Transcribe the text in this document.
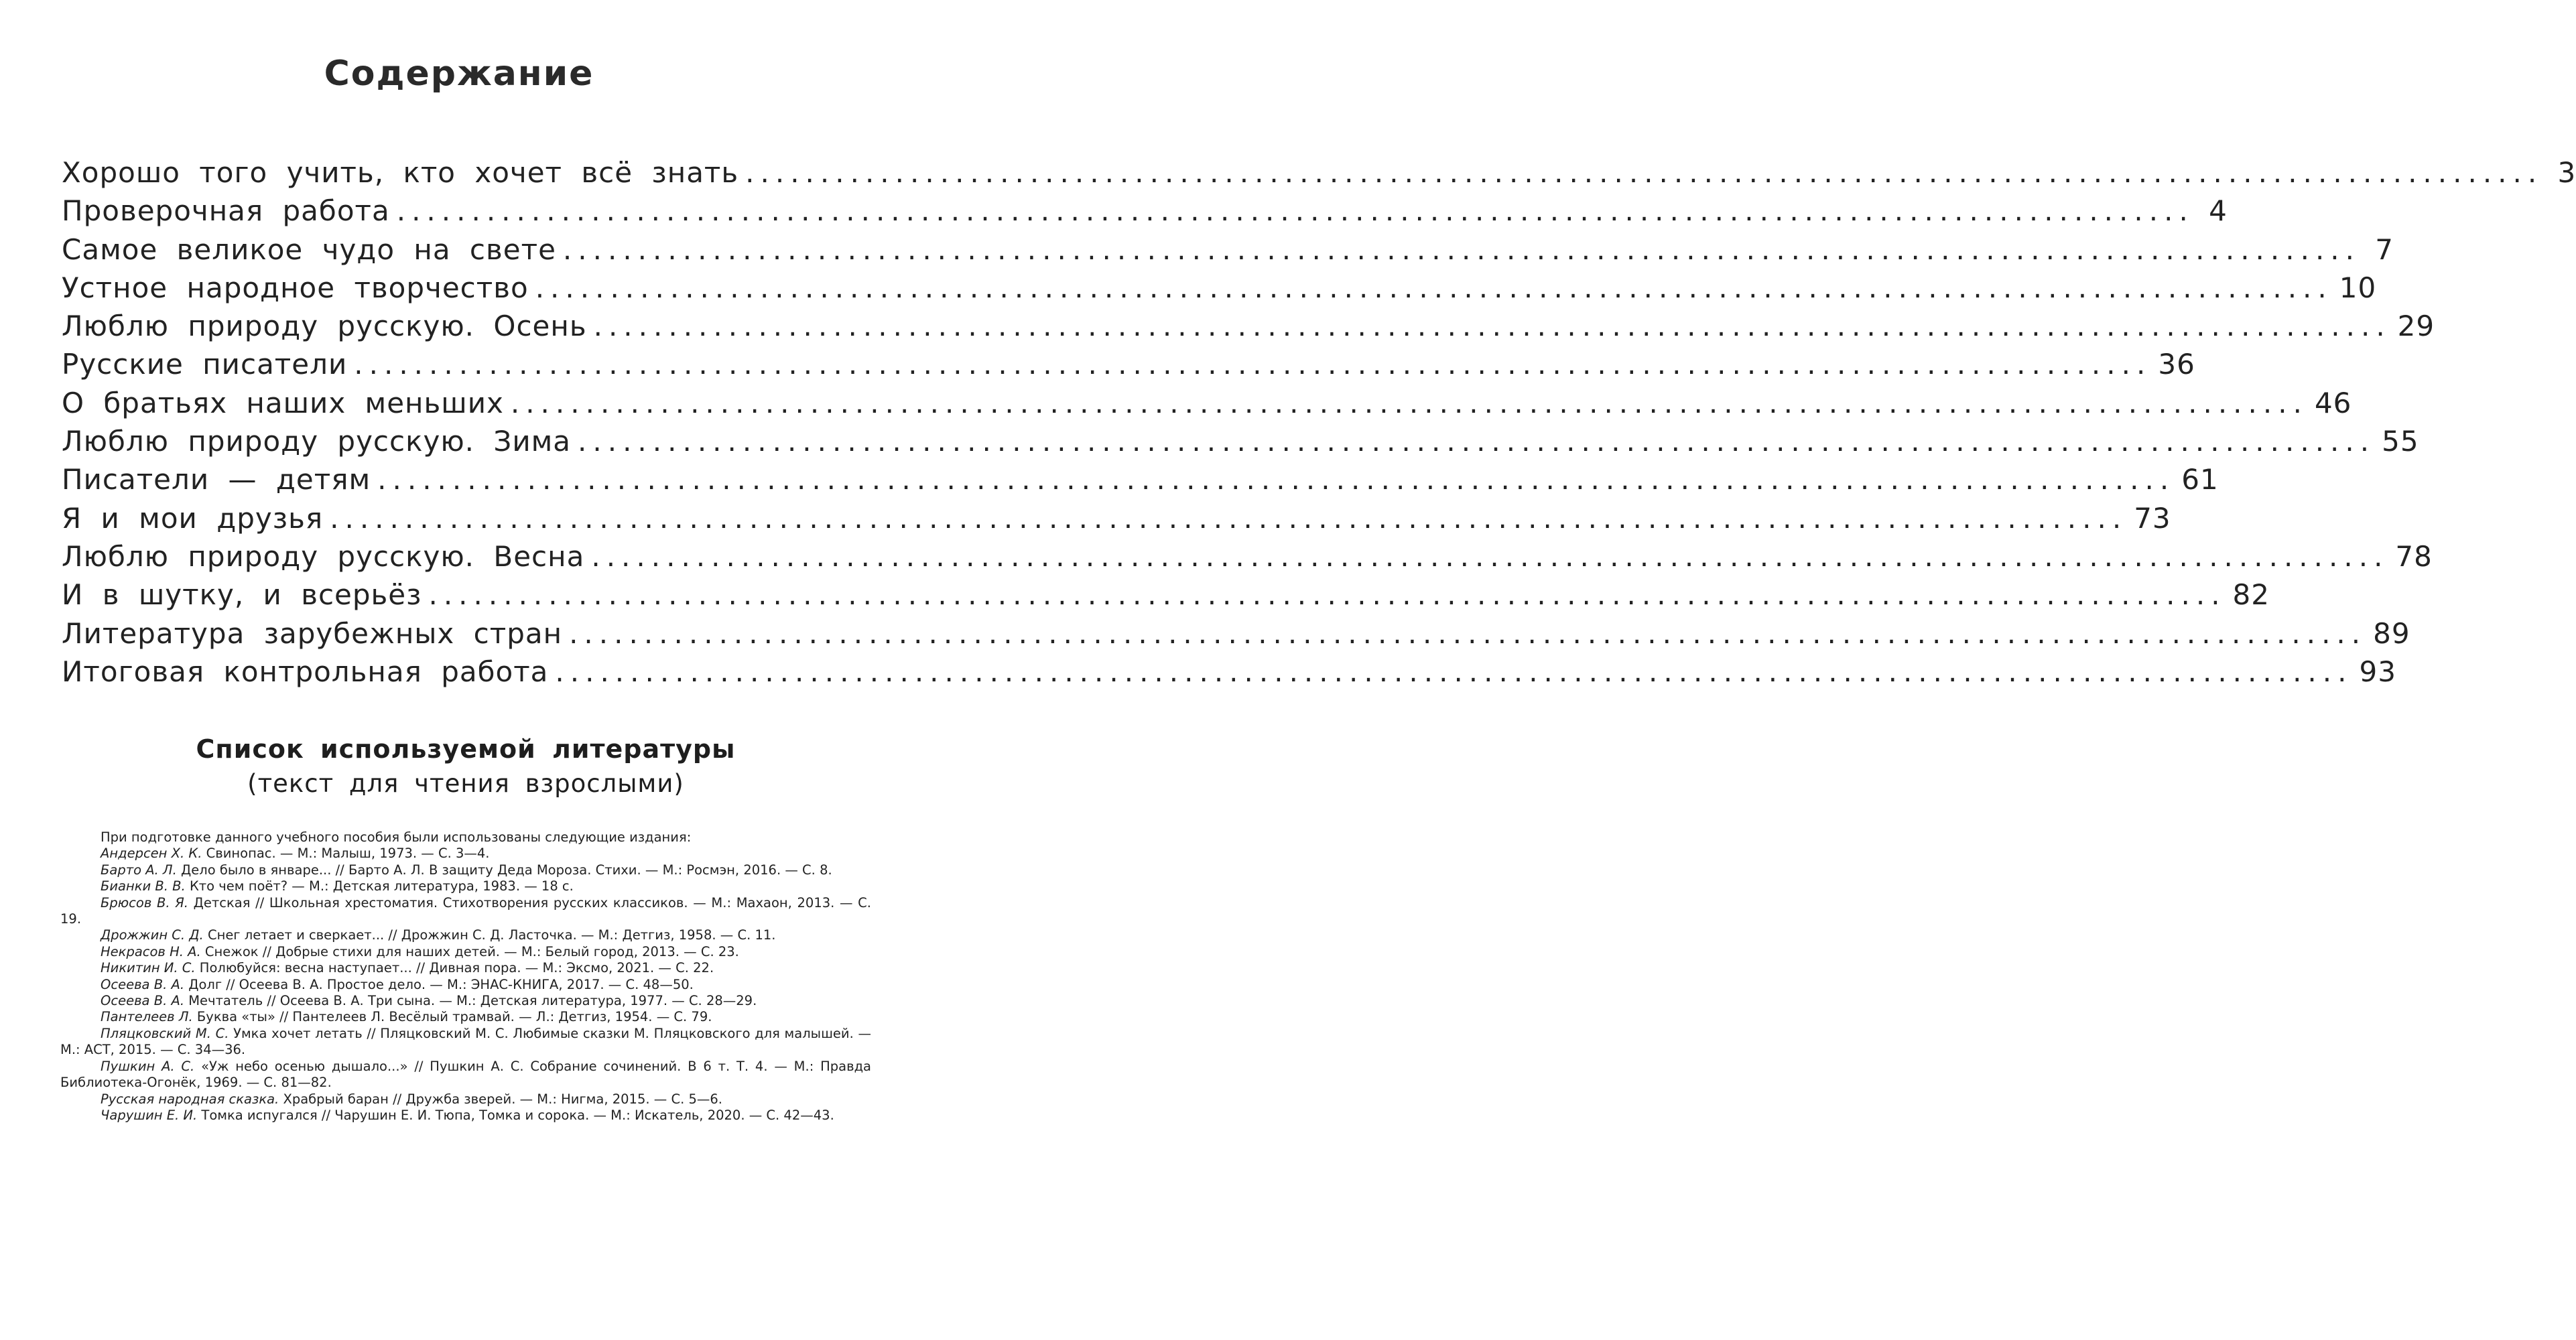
Содержание
Хорошо того учить, кто хочет всё знать ........................................................................................................................ 3
Проверочная работа ........................................................................................................................ 4
Самое великое чудо на свете ........................................................................................................................ 7
Устное народное творчество ........................................................................................................................ 10
Люблю природу русскую. Осень ........................................................................................................................ 29
Русские писатели ........................................................................................................................ 36
О братьях наших меньших ........................................................................................................................ 46
Люблю природу русскую. Зима ........................................................................................................................ 55
Писатели — детям ........................................................................................................................ 61
Я и мои друзья ........................................................................................................................ 73
Люблю природу русскую. Весна ........................................................................................................................ 78
И в шутку, и всерьёз ........................................................................................................................ 82
Литература зарубежных стран ........................................................................................................................ 89
Итоговая контрольная работа ........................................................................................................................ 93
Список используемой литературы
(текст для чтения взрослыми)
При подготовке данного учебного пособия были использованы следующие издания:
Андерсен Х. К. Свинопас. — М.: Малыш, 1973. — С. 3—4.
Барто А. Л. Дело было в январе... // Барто А. Л. В защиту Деда Мороза. Стихи. — М.: Росмэн, 2016. — С. 8.
Бианки В. В. Кто чем поёт? — М.: Детская литература, 1983. — 18 с.
Брюсов В. Я. Детская // Школьная хрестоматия. Стихотворения русских классиков. — М.: Махаон, 2013. — С. 19.
Дрожжин С. Д. Снег летает и сверкает... // Дрожжин С. Д. Ласточка. — М.: Детгиз, 1958. — С. 11.
Некрасов Н. А. Снежок // Добрые стихи для наших детей. — М.: Белый город, 2013. — С. 23.
Никитин И. С. Полюбуйся: весна наступает... // Дивная пора. — М.: Эксмо, 2021. — С. 22.
Осеева В. А. Долг // Осеева В. А. Простое дело. — М.: ЭНАС-КНИГА, 2017. — С. 48—50.
Осеева В. А. Мечтатель // Осеева В. А. Три сына. — М.: Детская литература, 1977. — С. 28—29.
Пантелеев Л. Буква «ты» // Пантелеев Л. Весёлый трамвай. — Л.: Детгиз, 1954. — С. 79.
Пляцковский М. С. Умка хочет летать // Пляцковский М. С. Любимые сказки М. Пляцковского для малышей. — М.: АСТ, 2015. — С. 34—36.
Пушкин А. С. «Уж небо осенью дышало...» // Пушкин А. С. Собрание сочинений. В 6 т. Т. 4. — М.: Правда Библиотека-Огонёк, 1969. — С. 81—82.
Русская народная сказка. Храбрый баран // Дружба зверей. — М.: Нигма, 2015. — С. 5—6.
Чарушин Е. И. Томка испугался // Чарушин Е. И. Тюпа, Томка и сорока. — М.: Искатель, 2020. — С. 42—43.
